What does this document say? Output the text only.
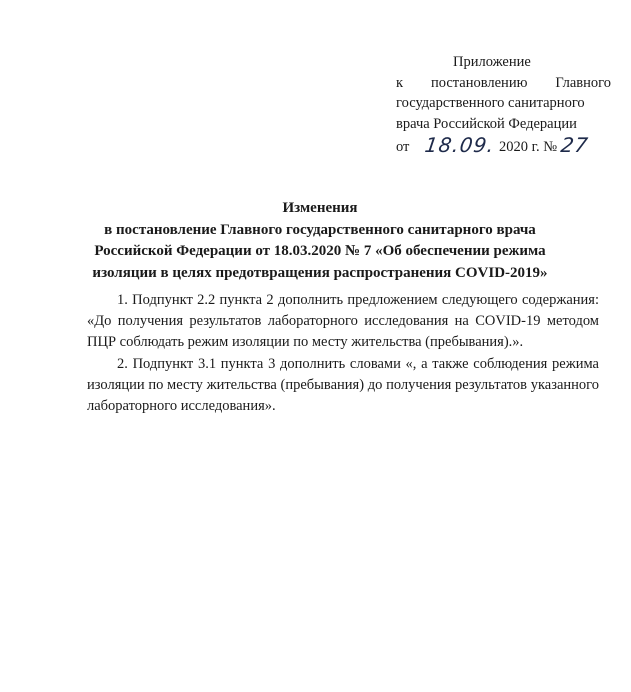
Приложение
к постановлению Главного
государственного санитарного
врача Российской Федерации
от 18.09. 2020 г. № 27
Изменения
в постановление Главного государственного санитарного врача
Российской Федерации от 18.03.2020 № 7 «Об обеспечении режима
изоляции в целях предотвращения распространения COVID-2019»

1. Подпункт 2.2 пункта 2 дополнить предложением следующего содержания: «До получения результатов лабораторного исследования на COVID-19 методом ПЦР соблюдать режим изоляции по месту жительства (пребывания).».

2. Подпункт 3.1 пункта 3 дополнить словами «, а также соблюдения режима изоляции по месту жительства (пребывания) до получения результатов указанного лабораторного исследования».
